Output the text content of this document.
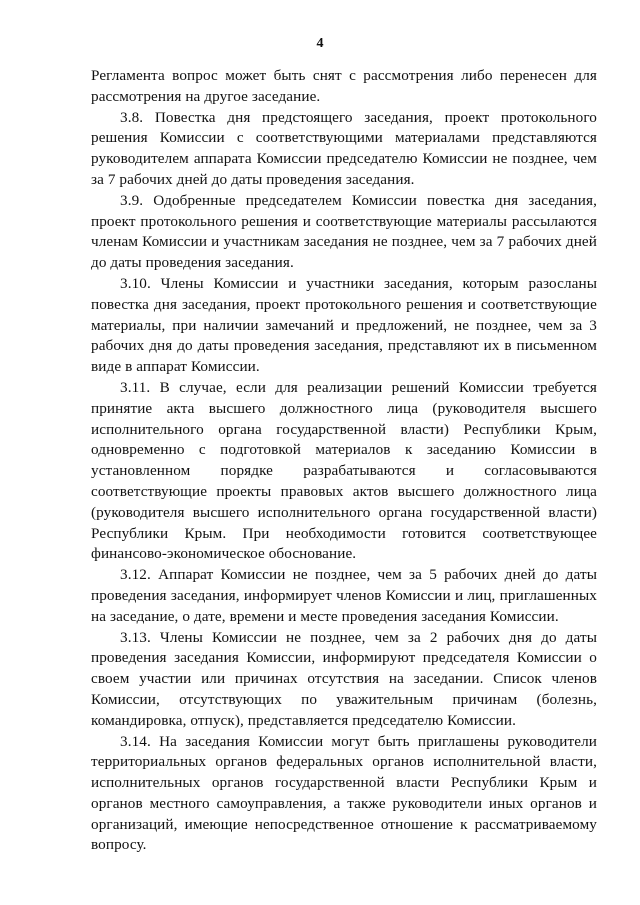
4

Регламента вопрос может быть снят с рассмотрения либо перенесен для рассмотрения на другое заседание.

3.8. Повестка дня предстоящего заседания, проект протокольного решения Комиссии с соответствующими материалами представляются руководителем аппарата Комиссии председателю Комиссии не позднее, чем за 7 рабочих дней до даты проведения заседания.

3.9. Одобренные председателем Комиссии повестка дня заседания, проект протокольного решения и соответствующие материалы рассылаются членам Комиссии и участникам заседания не позднее, чем за 7 рабочих дней до даты проведения заседания.

3.10. Члены Комиссии и участники заседания, которым разосланы повестка дня заседания, проект протокольного решения и соответствующие материалы, при наличии замечаний и предложений, не позднее, чем за 3 рабочих дня до даты проведения заседания, представляют их в письменном виде в аппарат Комиссии.

3.11. В случае, если для реализации решений Комиссии требуется принятие акта высшего должностного лица (руководителя высшего исполнительного органа государственной власти) Республики Крым, одновременно с подготовкой материалов к заседанию Комиссии в установленном порядке разрабатываются и согласовываются соответствующие проекты правовых актов высшего должностного лица (руководителя высшего исполнительного органа государственной власти) Республики Крым. При необходимости готовится соответствующее финансово-экономическое обоснование.

3.12. Аппарат Комиссии не позднее, чем за 5 рабочих дней до даты проведения заседания, информирует членов Комиссии и лиц, приглашенных на заседание, о дате, времени и месте проведения заседания Комиссии.

3.13. Члены Комиссии не позднее, чем за 2 рабочих дня до даты проведения заседания Комиссии, информируют председателя Комиссии о своем участии или причинах отсутствия на заседании. Список членов Комиссии, отсутствующих по уважительным причинам (болезнь, командировка, отпуск), представляется председателю Комиссии.

3.14. На заседания Комиссии могут быть приглашены руководители территориальных органов федеральных органов исполнительной власти, исполнительных органов государственной власти Республики Крым и органов местного самоуправления, а также руководители иных органов и организаций, имеющие непосредственное отношение к рассматриваемому вопросу.
